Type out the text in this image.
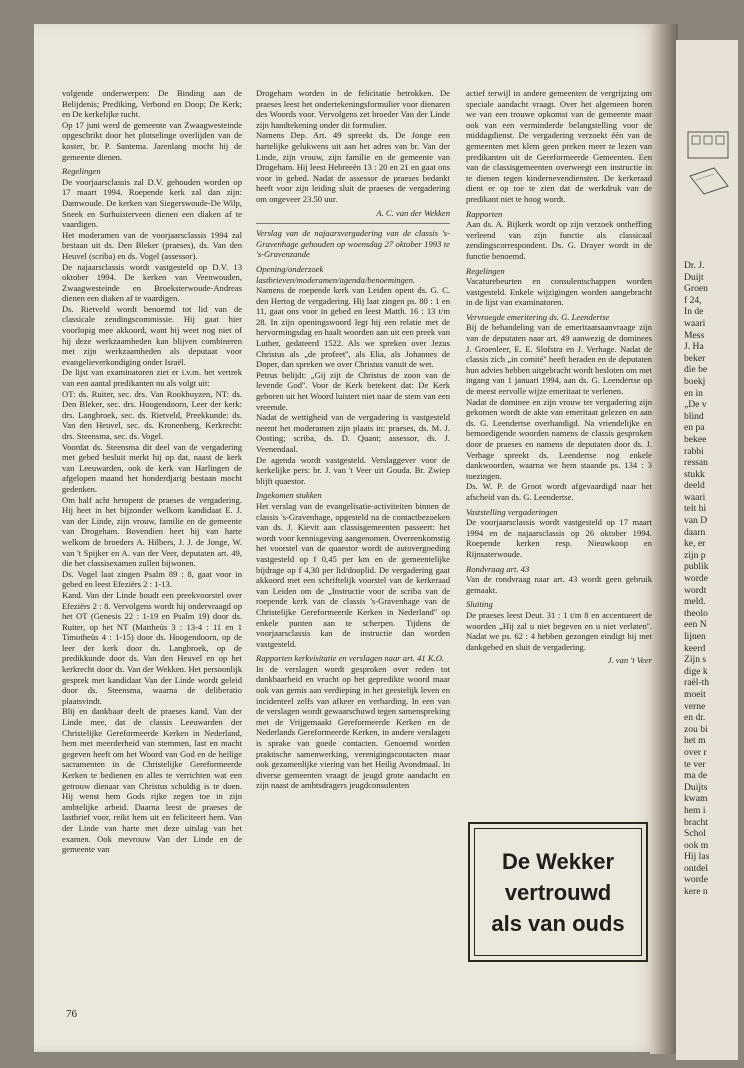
Dr. J.
Duijt
Groen
f 24,
In de
waari
Mess
J. Ha
beker
die be
boekj
en in
„De v
blind
en pa
bekee
rabbi
ressan
stukk
deeld
waari
telt hi
van D
daarn
ke, er
zijn p
publik
worde
wordt
meld.
theolo
een N
lijnen
keerd
Zijn s
dige k
raël-th
moeit
verne
en dr.
zou bi
het m
over r
te ver
ma de
Duijts
kwam
hem i
bracht
Schol
ook m
Hij las
ontdel
worde
kere n

volgende onderwerpen: De Binding aan de Belijdenis; Prediking, Verbond en Doop; De Kerk; en De kerkelijke tucht.

Op 17 juni werd de gemeente van Zwaagwesteinde opgeschrikt door het plotselinge overlijden van de koster, br. P. Santema. Jarenlang mocht hij de gemeente dienen.

Regelingen

De voorjaarsclassis zal D.V. gehouden worden op 17 maart 1994. Roepende kerk zal dan zijn: Damwoude. De kerken van Siegerswoude-De Wilp, Sneek en Surhuisterveen dienen een diaken af te vaardigen.

Het moderamen van de voorjaarsclassis 1994 zal bestaan uit ds. Den Bleker (praeses), ds. Van den Heuvel (scriba) en ds. Vogel (assessor).

De najaarsclassis wordt vastgesteld op D.V. 13 oktober 1994. De kerken van Veenwouden, Zwaagwesteinde en Broeksterwoude-Andreas dienen een diaken af te vaardigen.

Ds. Rietveld wordt benoemd tot lid van de classicale zendingscommissie. Hij gaat hier voorlopig mee akkoord, want hij weet nog niet of hij deze werkzaamheden kan blijven combineren met zijn werkzaamheden als deputaat voor evangelieverkondiging onder Israël.

De lijst van examinatoren ziet er i.v.m. het vertrek van een aantal predikanten nu als volgt uit:

OT: ds. Ruiter, sec. drs. Van Rookhuyzen, NT: ds. Den Bleker, sec. drs. Hoogendoorn, Leer der kerk: drs. Langbroek, sec. ds. Rietveld, Preekkunde: ds. Van den Heuvel, sec. ds. Kronenberg, Kerkrecht: drs. Steensma, sec. ds. Vogel.

Voordat ds. Steensma dit deel van de vergadering met gebed besluit merkt hij op dat, naast de kerk van Leeuwarden, ook de kerk van Harlingen de afgelopen maand het honderdjarig bestaan mocht gedenken.

Om half acht heropent de praeses de vergadering. Hij heet in het bijzonder welkom kandidaat E. J. van der Linde, zijn vrouw, familie en de gemeente van Drogeham. Bovendien heet hij van harte welkom de broeders A. Hilbers, J. J. de Jonge, W. van 't Spijker en A. van der Veer, deputaten art. 49, die het classisexamen zullen bijwonen.

Ds. Vogel laat zingen Psalm 89 : 8, gaat voor in gebed en leest Efeziërs 2 : 1-13.

Kand. Van der Linde houdt een preekvoorstel over Efeziërs 2 : 8. Vervolgens wordt hij ondervraagd op het OT (Genesis 22 : 1-19 en Psalm 19) door ds. Ruiter, op het NT (Mattheüs 3 : 13-4 : 11 en 1 Timotheüs 4 : 1-15) door ds. Hoogendoorn, op de leer der kerk door ds. Langbroek, op de predikkunde door ds. Van den Heuvel en op het kerkrecht door ds. Van der Wekken. Het persoonlijk gesprek met kandidaat Van der Linde wordt geleid door ds. Steensma, waarna de deliberatio plaatsvindt.

Blij en dankbaar deelt de praeses kand. Van der Linde mee, dat de classis Leeuwarden der Christelijke Gereformeerde Kerken in Nederland, hem met meerderheid van stemmen, last en macht gegeven heeft om het Woord van God en de heilige sacramenten in de Christelijke Gereformeerde Kerken te bedienen en alles te verrichten wat een getrouw dienaar van Christus schuldig is te doen. Hij wenst hem Gods rijke zegen toe in zijn ambtelijke arbeid. Daarna leest de praeses de lastbrief voor, reikt hem uit en feliciteert hem. Van der Linde van harte met deze uitslag van het examen. Ook mevrouw Van der Linde en de gemeente van

Drogeham worden in de felicitatie betrokken. De praeses leest het ondertekeningsformulier voor dienaren des Woords voor. Vervolgens zet broeder Van der Linde zijn handtekening onder dit formulier.

Namens Dep. Art. 49 spreekt ds. De Jonge een hartelijke gelukwens uit aan het adres van br. Van der Linde, zijn vrouw, zijn familie en de gemeente van Drogeham. Hij leest Hebreeën 13 : 20 en 21 en gaat ons voor in gebed. Nadat de assessor de praeses bedankt heeft voor zijn leiding sluit de praeses de vergadering om ongeveer 23.50 uur.

A. C. van der Wekken

Verslag van de najaarsvergadering van de classis 's-Gravenhage gehouden op woensdag 27 oktober 1993 te 's-Gravenzande

Opening/onderzoek lastbrieven/moderamen/agenda/benoemingen.

Namens de roepende kerk van Leiden opent ds. G. C. den Hertog de vergadering. Hij laat zingen ps. 80 : 1 en 11, gaat ons voor in gebed en leest Matth. 16 : 13 t/m 28. In zijn openingswoord legt hij een relatie met de hervormingsdag en haalt woorden aan uit een preek van Luther, gedateerd 1522. Als we spreken over Jezus Christus als „de profeet'', als Elia, als Johannes de Doper, dan spreken we over Christus vanuit de wet.

Petrus belijdt: „Gij zijt de Christus de zoon van de levende God''. Voor de Kerk betekent dat: De Kerk geboren uit het Woord luistert niet naar de stem van een vreemde.

Nadat de wettigheid van de vergadering is vastgesteld neemt het moderamen zijn plaats in: praeses, ds. M. J. Oosting; scriba, ds. D. Quant; assessor, ds. J. Veenendaal.

De agenda wordt vastgesteld. Verslaggever voor de kerkelijke pers: br. J. van 't Veer uit Gouda. Br. Zwiep blijft quaestor.

Ingekomen stukken

Het verslag van de evangelisatie-activiteiten binnen de classis 's-Gravenhage, opgesteld na de contactbezoeken van ds. J. Kievit aan classisgemeenten passeert: het wordt voor kennisgeving aangenomen. Overeenkomstig het voorstel van de quaestor wordt de autovergoeding vastgesteld op f 0,45 per km en de gemeentelijke bijdrage op f 4,30 per lid/dooplid. De vergadering gaat akkoord met een schriftelijk voorstel van de kerkeraad van Leiden om de „Instructie voor de scriba van de roepende kerk van de classis 's-Gravenhage van de Christelijke Gereformeerde Kerken in Nederland'' op enkele punten aan te scherpen. Tijdens de voorjaarsclassis kan de instructie dan worden vastgesteld.

Rapporten kerkvisitatie en verslagen naar art. 41 K.O.

In de verslagen wordt gesproken over reden tot dankbaarheid en vrucht op het gepredikte woord maar ook van gemis aan verdieping in het geestelijk leven en incidenteel zelfs van afkeer en verharding. In een van de verslagen wordt gewaarschuwd tegen samenspreking met de Vrijgemaakt Gereformeerde Kerken en de Nederlands Gereformeerde Kerken, in andere verslagen is sprake van goede contacten. Genoemd worden praktische samenwerking, verenigingscontacten maar ook gezamenlijke viering van het Heilig Avondmaal. In diverse gemeenten vraagt de jeugd grote aandacht en zijn naast de ambtsdragers jeugdconsulenten

actief terwijl in andere gemeenten de vergrijzing om speciale aandacht vraagt. Over het algemeen horen we van een trouwe opkomst van de gemeente maar ook van een verminderde belangstelling voor de middagdienst. De vergadering verzoekt één van de gemeenten met klem geen preken meer te lezen van predikanten uit de Gereformeerde Gemeenten. Een van de classisgemeenten overweegt een instructie in te dienen tegen kindernevendiensten. De kerkeraad dient er op toe te zien dat de werkdruk van de predikant niet te hoog wordt.

Rapporten

Aan ds. A. Bijkerk wordt op zijn verzoek ontheffing verleend van zijn functie als classicaal zendingscorrespondent. Ds. G. Drayer wordt in de functie benoemd.

Regelingen

Vacaturebeurten en consulentschappen worden vastgesteld. Enkele wijzigingen worden aangebracht in de lijst van examinatoren.

Vervroegde emeritering ds. G. Leendertse

Bij de behandeling van de emeritaatsaanvraage zijn van de deputaten naar art. 49 aanwezig de dominees J. Groenleer, E. E. Slofstra en J. Verhage. Nadat de classis zich „in comité'' heeft beraden en de deputaten hun advies hebben uitgebracht wordt besloten om met ingang van 1 januari 1994, aan ds. G. Leendertse op de meest eervolle wijze emeritaat te verlenen.

Nadat de dominee en zijn vrouw ter vergadering zijn gekomen wordt de akte van emeritaat gelezen en aan ds. G. Leendertse overhandigd. Na vriendelijke en bemoedigende woorden namens de classis gesproken door de praeses en namens de deputaten door ds. J. Verhage spreekt ds. Leendertse nog enkele dankwoorden, waarna we hem staande ps. 134 : 3 toezingen.

Ds. W. P. de Groot wordt afgevaardigd naar het afscheid van ds. G. Leendertse.

Vaststelling vergaderingen

De voorjaarsclassis wordt vastgesteld op 17 maart 1994 en de najaarsclassis op 26 oktober 1994. Roepende kerken resp. Nieuwkoop en Rijnsaterwoude.

Rondvraag art. 43

Van de rondvraag naar art. 43 wordt geen gebruik gemaakt.

Sluiting

De praeses leest Deut. 31 : 1 t/m 8 en accentueert de woorden „Hij zal u niet begeven en u niet verlaten''. Nadat we ps. 62 : 4 hebben gezongen eindigt hij met dankgebed en sluit de vergadering.

J. van 't Veer

De Wekker
vertrouwd
als van ouds
76
